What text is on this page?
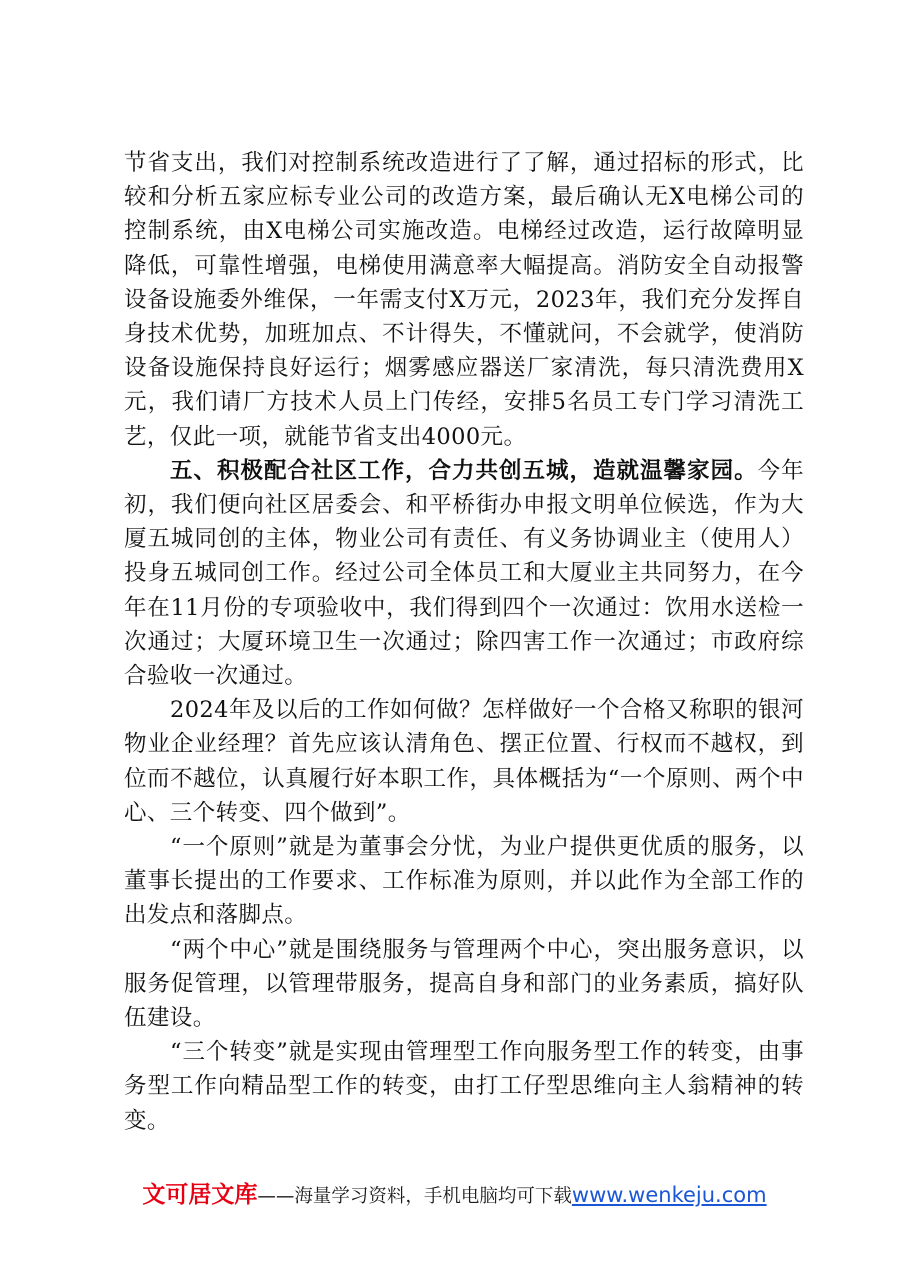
节省支出，我们对控制系统改造进行了了解，通过招标的形式，比较和分析五家应标专业公司的改造方案，最后确认无X电梯公司的控制系统，由X电梯公司实施改造。电梯经过改造，运行故障明显降低，可靠性增强，电梯使用满意率大幅提高。消防安全自动报警设备设施委外维保，一年需支付X万元，2023年，我们充分发挥自身技术优势，加班加点、不计得失，不懂就问，不会就学，使消防设备设施保持良好运行；烟雾感应器送厂家清洗，每只清洗费用X元，我们请厂方技术人员上门传经，安排5名员工专门学习清洗工艺，仅此一项，就能节省支出4000元。

五、积极配合社区工作，合力共创五城，造就温馨家园。今年初，我们便向社区居委会、和平桥街办申报文明单位候选，作为大厦五城同创的主体，物业公司有责任、有义务协调业主（使用人）投身五城同创工作。经过公司全体员工和大厦业主共同努力，在今年在11月份的专项验收中，我们得到四个一次通过：饮用水送检一次通过；大厦环境卫生一次通过；除四害工作一次通过；市政府综合验收一次通过。

2024年及以后的工作如何做？怎样做好一个合格又称职的银河物业企业经理？首先应该认清角色、摆正位置、行权而不越权，到位而不越位，认真履行好本职工作，具体概括为“一个原则、两个中心、三个转变、四个做到”。

“一个原则”就是为董事会分忧，为业户提供更优质的服务，以董事长提出的工作要求、工作标准为原则，并以此作为全部工作的出发点和落脚点。

“两个中心”就是围绕服务与管理两个中心，突出服务意识，以服务促管理，以管理带服务，提高自身和部门的业务素质，搞好队伍建设。

“三个转变”就是实现由管理型工作向服务型工作的转变，由事务型工作向精品型工作的转变，由打工仔型思维向主人翁精神的转变。

文可居文库——海量学习资料，手机电脑均可下载www.wenkeju.com
